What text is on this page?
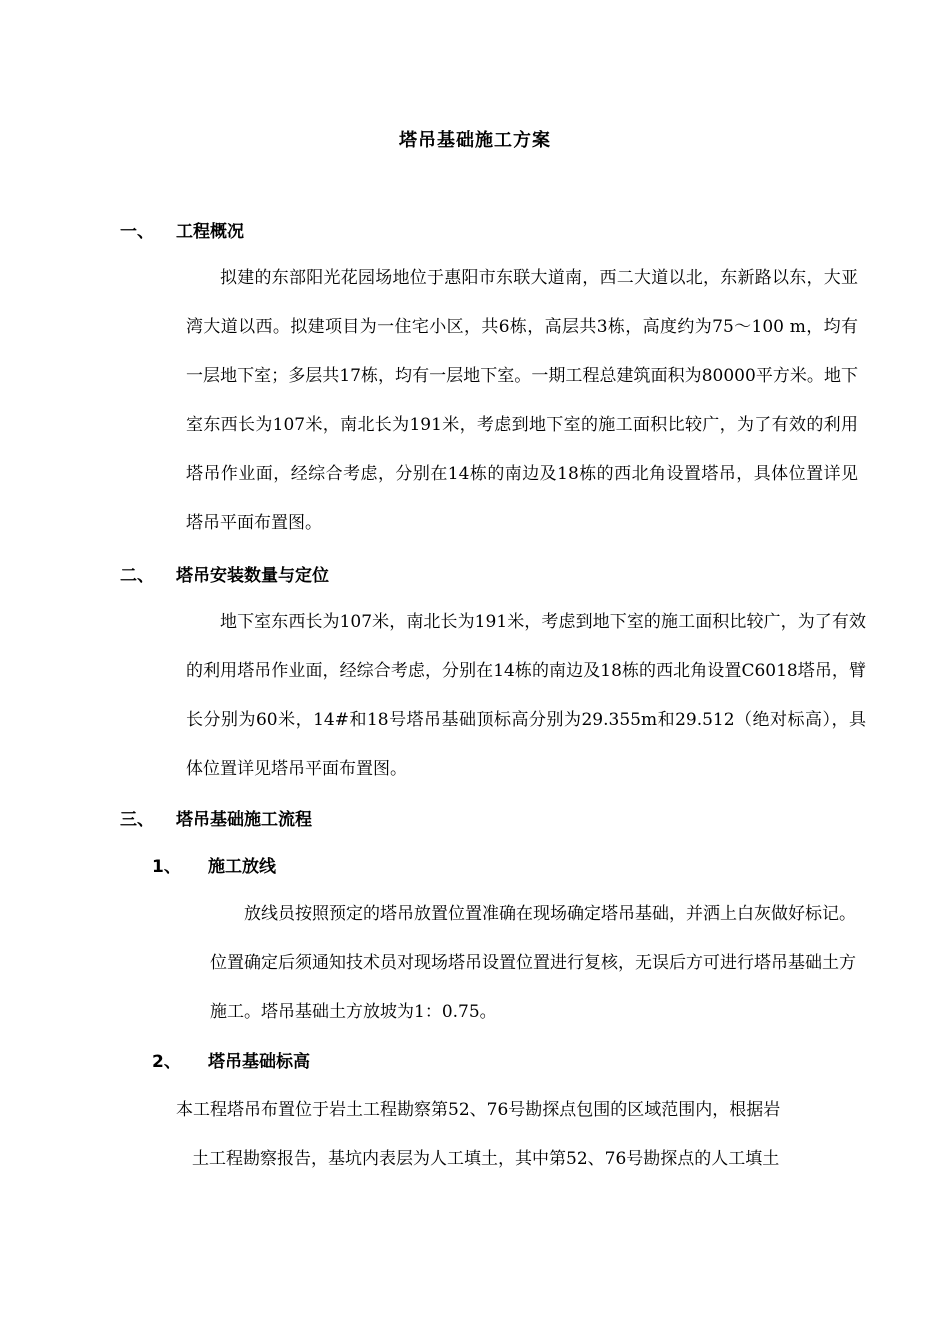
塔吊基础施工方案
一、 工程概况
拟建的东部阳光花园场地位于惠阳市东联大道南，西二大道以北，东新路以东，大亚湾大道以西。拟建项目为一住宅小区，共6栋，高层共3栋，高度约为75～100 m，均有一层地下室；多层共17栋，均有一层地下室。一期工程总建筑面积为80000平方米。地下室东西长为107米，南北长为191米，考虑到地下室的施工面积比较广，为了有效的利用塔吊作业面，经综合考虑，分别在14栋的南边及18栋的西北角设置塔吊，具体位置详见塔吊平面布置图。
二、 塔吊安装数量与定位
地下室东西长为107米，南北长为191米，考虑到地下室的施工面积比较广，为了有效的利用塔吊作业面，经综合考虑，分别在14栋的南边及18栋的西北角设置C6018塔吊，臂长分别为60米，14#和18号塔吊基础顶标高分别为29.355m和29.512（绝对标高），具体位置详见塔吊平面布置图。
三、 塔吊基础施工流程
1、 施工放线
放线员按照预定的塔吊放置位置准确在现场确定塔吊基础，并洒上白灰做好标记。位置确定后须通知技术员对现场塔吊设置位置进行复核，无误后方可进行塔吊基础土方施工。塔吊基础土方放坡为1：0.75。
2、 塔吊基础标高
本工程塔吊布置位于岩土工程勘察第52、76号勘探点包围的区域范围内，根据岩
土工程勘察报告，基坑内表层为人工填土，其中第52、76号勘探点的人工填土
